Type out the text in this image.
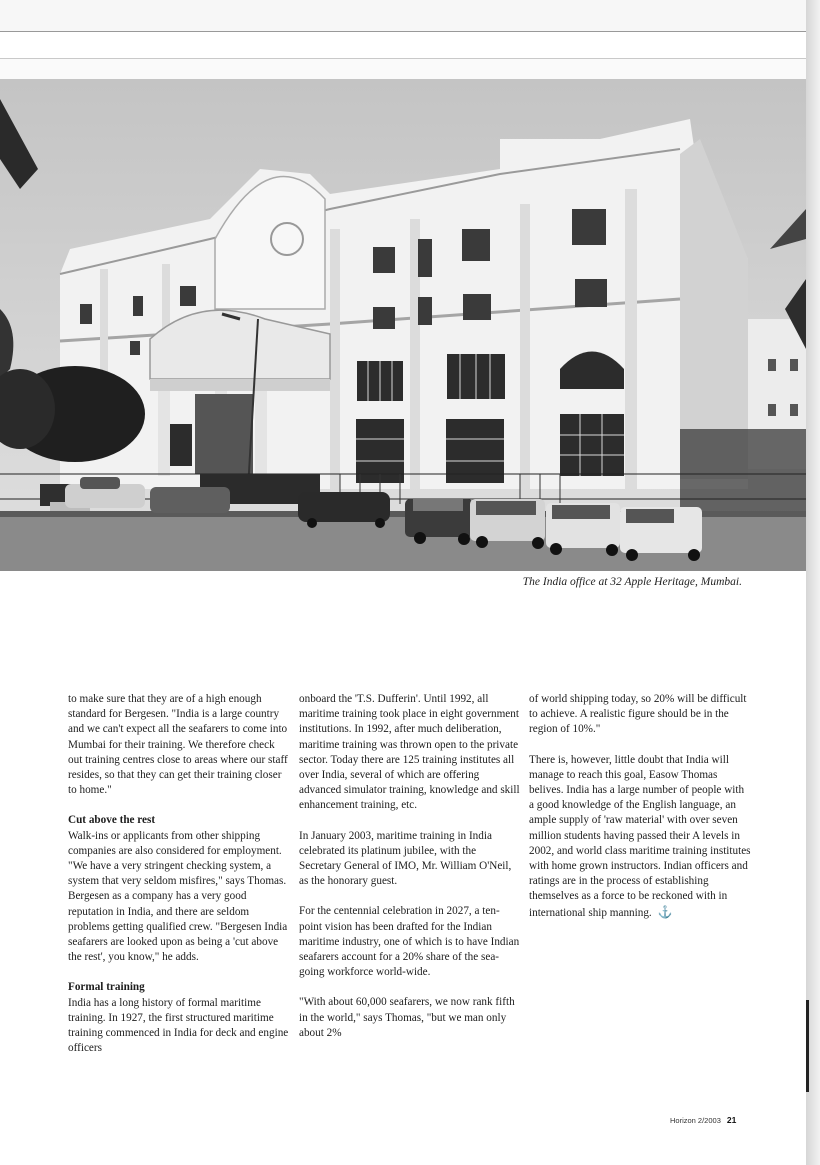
The India office at 32 Apple Heritage, Mumbai.

to make sure that they are of a high enough standard for Bergesen. "India is a large country and we can't expect all the seafarers to come into Mumbai for their training. We therefore check out training centres close to areas where our staff resides, so that they can get their training closer to home."

Cut above the rest

Walk-ins or applicants from other shipping companies are also considered for employment. "We have a very stringent checking system, a system that very seldom misfires," says Thomas. Bergesen as a company has a very good reputation in India, and there are seldom problems getting qualified crew. "Bergesen India seafarers are looked upon as being a 'cut above the rest', you know," he adds.

Formal training

India has a long history of formal maritime training. In 1927, the first structured maritime training commenced in India for deck and engine officers

onboard the 'T.S. Dufferin'. Until 1992, all maritime training took place in eight government institutions. In 1992, after much deliberation, maritime training was thrown open to the private sector. Today there are 125 training institutes all over India, several of which are offering advanced simulator training, knowledge and skill enhancement training, etc.

In January 2003, maritime training in India celebrated its platinum jubilee, with the Secretary General of IMO, Mr. William O'Neil, as the honorary guest.

For the centennial celebration in 2027, a ten-point vision has been drafted for the Indian maritime industry, one of which is to have Indian seafarers account for a 20% share of the sea-going workforce world-wide.

"With about 60,000 seafarers, we now rank fifth in the world," says Thomas, "but we man only about 2%

of world shipping today, so 20% will be difficult to achieve. A realistic figure should be in the region of 10%."

There is, however, little doubt that India will manage to reach this goal, Easow Thomas belives. India has a large number of people with a good knowledge of the English language, an ample supply of 'raw material' with over seven million students having passed their A levels in 2002, and world class maritime training institutes with home grown instructors. Indian officers and ratings are in the process of establishing themselves as a force to be reckoned with in international ship manning. ⚓

Horizon 2/2003 21
